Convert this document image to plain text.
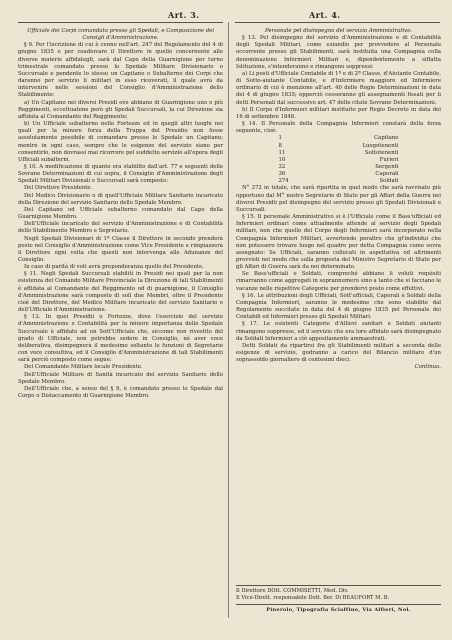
Art. 3.	Art. 4.

Ufficiale dei Corpi comandato presso gli Spedali, e Composizione dei Consigli d'Amministrazione.

§ 9. Per l'iscrizione di cui è cenno nell'art. 247 del Regolamento del 4 di giugno 1835 e per coadiuvare il Direttore in quello concernente alle diverse materie affidategli, sarà dal Capo della Guarnigione per turno trimestrale comandato presso lo Spedale Militare Divisionario o Succursale e pendente lo stesso un Capitano o Subalterno dei Corpi che daranno per servizio li militari in esso ricoverati, il quale avrà da intervenire nelle sessioni del Consiglio d'Amministrazione dello Stabilimento:

a) Un Capitano nei diversi Presidi ove abbiano di Guarnigione uno o più Reggimenti, eccettuatone però gli Spedali Succursali, la cui Direzione sia affidata al Comandante del Reggimento;

b) Un Ufficiale subalterno nelle Fortezze ed in quegli altri luoghi nei quali per la minore forza della Truppa del Presidio non fosse assolutamente possibile di comandare presso lo Spedale un Capitano; mentre in ogni caso, sempre che le esigenze del servizio siano per consentirlo, non dovrassi mai ricorrere pel suddetto servizio all'opera degli Ufficiali subalterni.

§ 10. A modificazione di quanto era stabilito dall'art. 77 e seguenti delle Sovrane Determinazioni di cui sopra, il Consiglio d'Amministrazione degli Spedali Militari Divisionali e Succursali sarà composto:

Del Direttore Presidente.

Del Medico Divisionario o di quell'Ufficiale Militare Sanitario incaricato della Direzione del servizio Sanitario dello Spedale Membro.

Del Capitano od Ufficiale subalterno comandato dal Capo della Guarnigione Membro.

Dell'Ufficiale incaricato del servizio d'Amministrazione e di Contabilità dello Stabilimento Membro e Segretario.

Negli Spedali Divisionari di 1ª Classe il Direttore in secondo prenderà posto nel Consiglio d'Amministrazione come Vice Presidente e rimpiazzerà il Direttore ogni volta che questi non intervenga alle Adunanze del Consiglio.

In caso di parità di voti avrà preponderanza quello del Presidente.

§ 11. Negli Spedali Succursali stabiliti in Presidi nei quali per la non esistenza del Comando Militare Provinciale la Direzione di tali Stabilimenti è affidata al Comandante del Reggimento od di guarnigione, il Consiglio d'Amministrazione sarà composto di soli due Membri, oltre il Presidente cioè del Direttore, del Medico Militare incaricato del servizio Sanitario e dell'Ufficiale d'Amministrazione.

§ 12. In quei Presidii o Fortezze, dove l'esercizio del servizio d'Amministrazione e Contabilità per la minore importanza dello Spedale Succursale è affidato ad un Sott'Ufficiale che, siccome non rivestito del grado di Ufficiale, non potrebbe sedere in Consiglio, nè aver voce deliberativa, disimpegnerà il medesimo soltanto le funzioni di Segretario con voce consultiva, ed il Consiglio d'Amministrazione di tali Stabilimenti sarà perciò composto come segue:

Del Comandante Militare locale Presidente.

Dell'Ufficiale Militare di Sanità incaricato del servizio Sanitario dello Spedale Membro.

Dell'Ufficiale che, a senso del § 9, è comandato presso lo Spedale dal Corpo o Distaccamento di Guarnigione Membro.

Personale pel disimpegno del servizio Amministrativo.

§ 13. Pel disimpegno del servizio d'Amministrazione e di Contabilità degli Spedali Militari, come eziandio per provvedere al Personale occorrente presso gli Stabilimenti, sarà instituita una Compagnia colla denominazione Infermieri Militari e, dipendentemente a siffatta Istituzione, s'intenderanno e rimangono soppressi:

a) Li posti d'Ufficiale Contabile di 1ª e di 2ª Classe, d'Aiutante Contabile, di Sotto-aiutante Contabile, e d'Infermiere maggiore ed Infermiere ordinario di cui è menzione all'art. 40 delle Regie Determinazioni in data dei 4 di giugno 1835; epperciò cesseranno gli assegnamenti fissati per li detti Personali dal successivo art. 47 delle citate Sovrane Determinazioni.

b) Il Corpo d'Infermieri militari instituito per Regio Decreto in data del 16 di settembre 1848.

§ 14. Il Personale della Compagnia Infermieri constarà della forza seguente, cioè:

1	Capitano
8	Luogotenenti
11	Sottotenenti
10	Furieri
32	Sergenti
36	Caporali
274	Soldati

N° 372 in totale, che sarà ripartita in quel modo che sarà ravvisato più opportuno dal M° nostro Segretario di Stato per gli Affari della Guerra nei diversi Presidii pel disimpegno del servizio presso gli Spedali Divisionali e Succursali.

§ 15. Il personale Amministrativo si è l'Ufficiale come il Bass'ufficiali ed Infermieri ordinari come attualmente attende al servizio degli Spedali militari, non che quello del Corpo degli Infermieri sarà incorporato nella Compagnia Infermieri Militari, avvertendo peraltro che gl'individui che non potessero trovare luogo nel quadro per detta Compagnia come sovra assegnato: Se Ufficiali, saranno collocati in aspettativa od altrimenti provvisti nel modo che sulla proposta del Ministro Segretario di Stato per gli Affari di Guerra sarà da noi determinato.

Se Bass'ufficiali o Soldati, compreché abbiano li voluti requisiti rimarranno come aggregati in soprannumero sino a tanto che si facciano le vacanze nelle rispettive Categorie per prendervi posto come effettivi.

§ 16. Le attribuzioni degli Ufficiali, Sott'ufficiali, Caporali e Soldati della Compagnia Infermieri, saranno le medesime che sono stabilite dal Regolamento succitato in data del 4 di giugno 1835 pel Personale dei Contabili ed Infermieri presso gli Spedali Militari.

§ 17. Le esistenti Categorie d'Allievi sanitari e Soldati aiutanti rimangono soppresse, ed il servizio che era loro affidato sarà disimpegnato da Soldati Infermieri a ciò appositamente ammaestrati.

Detti Soldati da ripartirsi fra gli Stabilimenti militari a seconda delle esigenze di servizio, godranno a carico del Bilancio militare d'un soprassoldo giornaliero di centesimi dieci.

Continua.

Il Direttore DOtt. COMMISETTI, Med. Div.
Il Vice-Dirett. responsabile Dott. Ber. Di BEAUFORT M. B.
Pinerolo, Tipografia Sciaffino, Via Alfieri, Nol.
